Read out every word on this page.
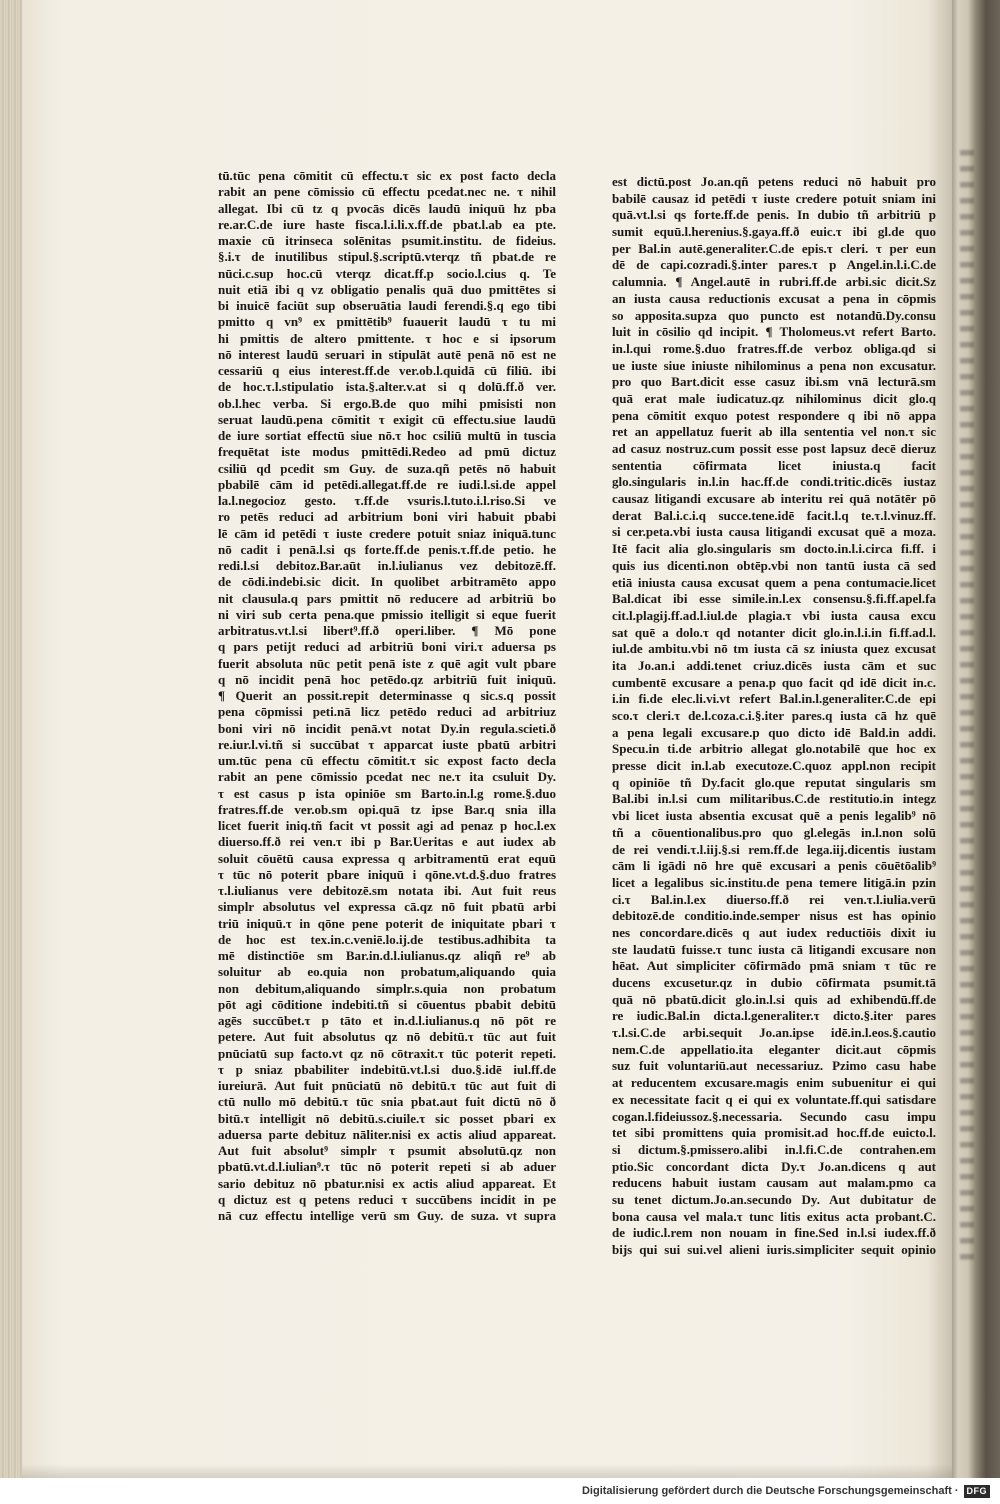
tū.tūc pena cōmitit cū effectu.τ sic ex post facto decla
rabit an pene cōmissio cū effectu pcedat.nec ne. τ nihil
allegat. Ibi cū tz q pvocās dicēs laudū iniquū hz pba
re.ar.C.de iure haste fisca.l.i.li.x.ff.de pbat.l.ab ea pte.
maxie cū itrinseca solēnitas psumit.institu. de fideius.
§.i.τ de inutilibus stipul.§.scriptū.vterqz tñ pbat.de re
nūci.c.sup hoc.cū vterqz dicat.ff.p socio.l.cius q. Te
nuit etiā ibi q vz obligatio penalis quā duo pmittētes si
bi inuicē faciūt sup obseruātia laudi ferendi.§.q ego tibi
pmitto q vn⁹ ex pmittētib⁹ fuauerit laudū τ tu mi
hi pmittis de altero pmittente. τ hoc e si ipsorum
nō interest laudū seruari in stipulāt autē penā nō est ne
cessariū q eius interest.ff.de ver.ob.l.quidā cū filiū. ibi
de hoc.τ.l.stipulatio ista.§.alter.v.at si q dolū.ff.ð ver.
ob.l.hec verba. Si ergo.B.de quo mihi pmisisti non
seruat laudū.pena cōmitit τ exigit cū effectu.siue laudū
de iure sortiat effectū siue nō.τ hoc csiliū multū in tuscia
frequētat iste modus pmittēdi.Redeo ad pmū dictuz
csiliū qd pcedit sm Guy. de suza.qñ petēs nō habuit
pbabilē cām id petēdi.allegat.ff.de re iudi.l.si.de appel
la.l.negocioz gesto. τ.ff.de vsuris.l.tuto.i.l.riso.Si ve
ro petēs reduci ad arbitrium boni viri habuit pbabi
lē cām id petēdi τ iuste credere potuit sniaz iniquā.tunc
nō cadit i penā.l.si qs forte.ff.de penis.τ.ff.de petio. he
redi.l.si debitoz.Bar.aūt in.l.iulianus vez debitozē.ff.
de cōdi.indebi.sic dicit. In quolibet arbitramēto appo
nit clausula.q pars pmittit nō reducere ad arbitriū bo
ni viri sub certa pena.que pmissio itelligit si eque fuerit
arbitratus.vt.l.si libert⁹.ff.ð operi.liber. ¶ Mō pone
q pars petijt reduci ad arbitriū boni viri.τ aduersa ps
fuerit absoluta nūc petit penā iste z quē agit vult pbare
q nō incidit penā hoc petēdo.qz arbitriū fuit iniquū.
¶ Querit an possit.repit determinasse q sic.s.q possit
pena cōpmissi peti.nā licz petēdo reduci ad arbitriuz
boni viri nō incidit penā.vt notat Dy.in regula.scieti.ð
re.iur.l.vi.tñ si succūbat τ apparcat iuste pbatū arbitri
um.tūc pena cū effectu cōmitit.τ sic expost facto decla
rabit an pene cōmissio pcedat nec ne.τ ita csuluit Dy.
τ est casus p ista opiniōe sm Barto.in.l.g rome.§.duo
fratres.ff.de ver.ob.sm opi.quā tz ipse Bar.q snia illa
licet fuerit iniq.tñ facit vt possit agi ad penaz p hoc.l.ex
diuerso.ff.ð rei ven.τ ibi p Bar.Ueritas e aut iudex ab
soluit cōuētū causa expressa q arbitramentū erat equū
τ tūc nō poterit pbare iniquū i qōne.vt.d.§.duo fratres
τ.l.iulianus vere debitozē.sm notata ibi. Aut fuit reus
simplr absolutus vel expressa cā.qz nō fuit pbatū arbi
triū iniquū.τ in qōne pene poterit de iniquitate pbari τ
de hoc est tex.in.c.veniē.lo.ij.de testibus.adhibita ta
mē distinctiōe sm Bar.in.d.l.iulianus.qz aliqñ re⁹ ab
soluitur ab eo.quia non probatum,aliquando quia
non debitum,aliquando simplr.s.quia non probatum
pōt agi cōditione indebiti.tñ si cōuentus pbabit debitū
agēs succūbet.τ p tāto et in.d.l.iulianus.q nō pōt re
petere. Aut fuit absolutus qz nō debitū.τ tūc aut fuit
pnūciatū sup facto.vt qz nō cōtraxit.τ tūc poterit repeti.
τ p sniaz pbabiliter indebitū.vt.l.si duo.§.idē iul.ff.de
iureiurā. Aut fuit pnūciatū nō debitū.τ tūc aut fuit di
ctū nullo mō debitū.τ tūc snia pbat.aut fuit dictū nō ð
bitū.τ intelligit nō debitū.s.ciuile.τ sic posset pbari ex
aduersa parte debituz nāliter.nisi ex actis aliud appareat.
Aut fuit absolut⁹ simplr τ psumit absolutū.qz non
pbatū.vt.d.l.iulian⁹.τ tūc nō poterit repeti si ab aduer
sario debituz nō pbatur.nisi ex actis aliud appareat. Et
q dictuz est q petens reduci τ succūbens incidit in pe
nā cuz effectu intellige verū sm Guy. de suza. vt supra
est dictū.post Jo.an.qñ petens reduci nō habuit pro
babilē causaz id petēdi τ iuste credere potuit sniam ini
quā.vt.l.si qs forte.ff.de penis. In dubio tñ arbitriū p
sumit equū.l.herenius.§.gaya.ff.ð euic.τ ibi gl.de quo
per Bal.in autē.generaliter.C.de epis.τ cleri. τ per eun
dē de capi.cozradi.§.inter pares.τ p Angel.in.l.i.C.de
calumnia. ¶ Angel.autē in rubri.ff.de arbi.sic dicit.Sz
an iusta causa reductionis excusat a pena in cōpmis
so apposita.supza quo puncto est notandū.Dy.consu
luit in cōsilio qd incipit. ¶ Tholomeus.vt refert Barto.
in.l.qui rome.§.duo fratres.ff.de verboz obliga.qd si
ue iuste siue iniuste nihilominus a pena non excusatur.
pro quo Bart.dicit esse casuz ibi.sm vnā lecturā.sm
quā erat male iudicatuz.qz nihilominus dicit glo.q
pena cōmitit exquo potest respondere q ibi nō appa
ret an appellatuz fuerit ab illa sententia vel non.τ sic
ad casuz nostruz.cum possit esse post lapsuz decē dieruz
sententia cōfirmata licet iniusta.q facit
glo.singularis in.l.in hac.ff.de condi.tritic.dicēs iustaz
causaz litigandi excusare ab interitu rei quā notātēr pō
derat Bal.i.c.i.q succe.tene.idē facit.l.q te.τ.l.vinuz.ff.
si cer.peta.vbi iusta causa litigandi excusat quē a moza.
Itē facit alia glo.singularis sm docto.in.l.i.circa fi.ff. i
quis ius dicenti.non obtēp.vbi non tantū iusta cā sed
etiā iniusta causa excusat quem a pena contumacie.licet
Bal.dicat ibi esse simile.in.l.ex consensu.§.fi.ff.apel.fa
cit.l.plagij.ff.ad.l.iul.de plagia.τ vbi iusta causa excu
sat quē a dolo.τ qd notanter dicit glo.in.l.i.in fi.ff.ad.l.
iul.de ambitu.vbi nō tm iusta cā sz iniusta quez excusat
ita Jo.an.i addi.tenet criuz.dicēs iusta cām et suc
cumbentē excusare a pena.p quo facit qd idē dicit in.c.
i.in fi.de elec.li.vi.vt refert Bal.in.l.generaliter.C.de epi
sco.τ cleri.τ de.l.coza.c.i.§.iter pares.q iusta cā hz quē
a pena legali excusare.p quo dicto idē Bald.in addi.
Specu.in ti.de arbitrio allegat glo.notabilē que hoc ex
presse dicit in.l.ab executoze.C.quoz appl.non recipit
q opiniōe tñ Dy.facit glo.que reputat singularis sm
Bal.ibi in.l.si cum militaribus.C.de restitutio.in integz
vbi licet iusta absentia excusat quē a penis legalib⁹ nō
tñ a cōuentionalibus.pro quo gl.elegās in.l.non solū
de rei vendi.τ.l.iij.§.si rem.ff.de lega.iij.dicentis iustam
cām li igādi nō hre quē excusari a penis cōuētōalib⁹
licet a legalibus sic.institu.de pena temere litigā.in pzin
ci.τ Bal.in.l.ex diuerso.ff.ð rei ven.τ.l.iulia.verū
debitozē.de conditio.inde.semper nisus est has opinio
nes concordare.dicēs q aut iudex reductiōis dixit iu
ste laudatū fuisse.τ tunc iusta cā litigandi excusare non
hēat. Aut simpliciter cōfirmādo pmā sniam τ tūc re
ducens excusetur.qz in dubio cōfirmata psumit.tā
quā nō pbatū.dicit glo.in.l.si quis ad exhibendū.ff.de
re iudic.Bal.in dicta.l.generaliter.τ dicto.§.iter pares
τ.l.si.C.de arbi.sequit Jo.an.ipse idē.in.l.eos.§.cautio
nem.C.de appellatio.ita eleganter dicit.aut cōpmis
suz fuit voluntariū.aut necessariuz. Pzimo casu habe
at reducentem excusare.magis enim subuenitur ei qui
ex necessitate facit q ei qui ex voluntate.ff.qui satisdare
cogan.l.fideiussoz.§.necessaria. Secundo casu impu
tet sibi promittens quia promisit.ad hoc.ff.de euicto.l.
si dictum.§.pmissero.alibi in.l.fi.C.de contrahen.em
ptio.Sic concordant dicta Dy.τ Jo.an.dicens q aut
reducens habuit iustam causam aut malam.pmo ca
su tenet dictum.Jo.an.secundo Dy. Aut dubitatur de
bona causa vel mala.τ tunc litis exitus acta probant.C.
de iudic.l.rem non nouam in fine.Sed in.l.si iudex.ff.ð
bijs qui sui sui.vel alieni iuris.simpliciter sequit opinio
Digitalisierung gefördert durch die Deutsche Forschungsgemeinschaft · DFG
